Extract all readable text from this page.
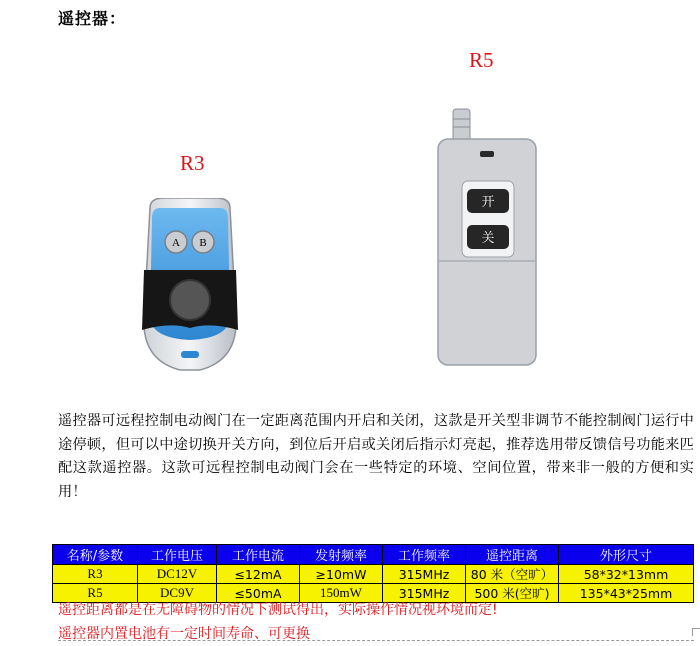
遥控器：
R3
A B
R5
开
关
遥控器可远程控制电动阀门在一定距离范围内开启和关闭，这款是开关型非调节不能控制阀门运行中途停顿，但可以中途切换开关方向，到位后开启或关闭后指示灯亮起，推荐选用带反馈信号功能来匹配这款遥控器。这款可远程控制电动阀门会在一些特定的环境、空间位置，带来非一般的方便和实用！
名称/参数	工作电压	工作电流	发射频率	工作频率	遥控距离	外形尺寸
R3	DC12V	≤12mA	≥10mW	315MHz	80 米（空旷）	58*32*13mm
R5	DC9V	≤50mA	150mW	315MHz	500 米(空旷)	135*43*25mm
遥控距离都是在无障碍物的情况下测试得出，实际操作情况视环境而定!
遥控器内置电池有一定时间寿命、可更换
